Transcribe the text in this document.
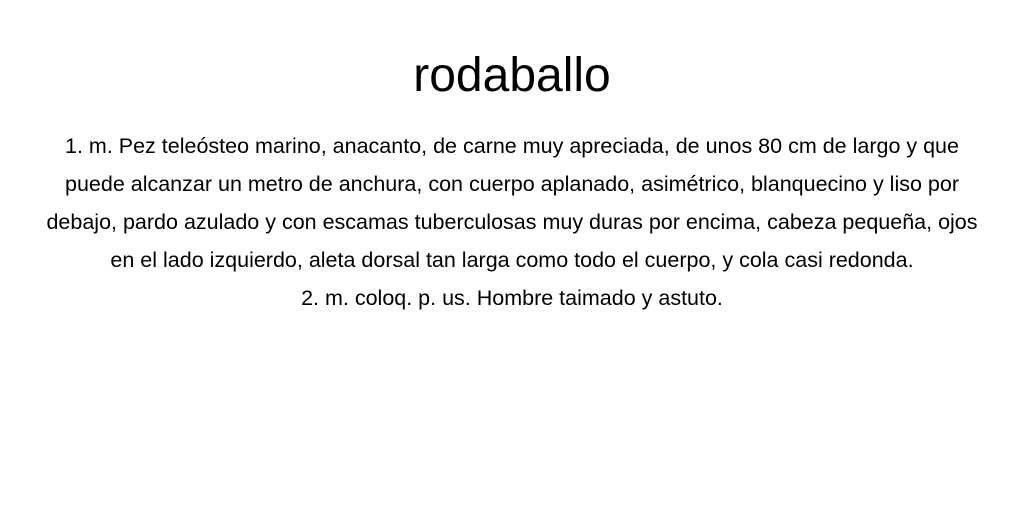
rodaballo

1. m. Pez teleósteo marino, anacanto, de carne muy apreciada, de unos 80 cm de largo y que puede alcanzar un metro de anchura, con cuerpo aplanado, asimétrico, blanquecino y liso por debajo, pardo azulado y con escamas tuberculosas muy duras por encima, cabeza pequeña, ojos en el lado izquierdo, aleta dorsal tan larga como todo el cuerpo, y cola casi redonda.

2. m. coloq. p. us. Hombre taimado y astuto.
